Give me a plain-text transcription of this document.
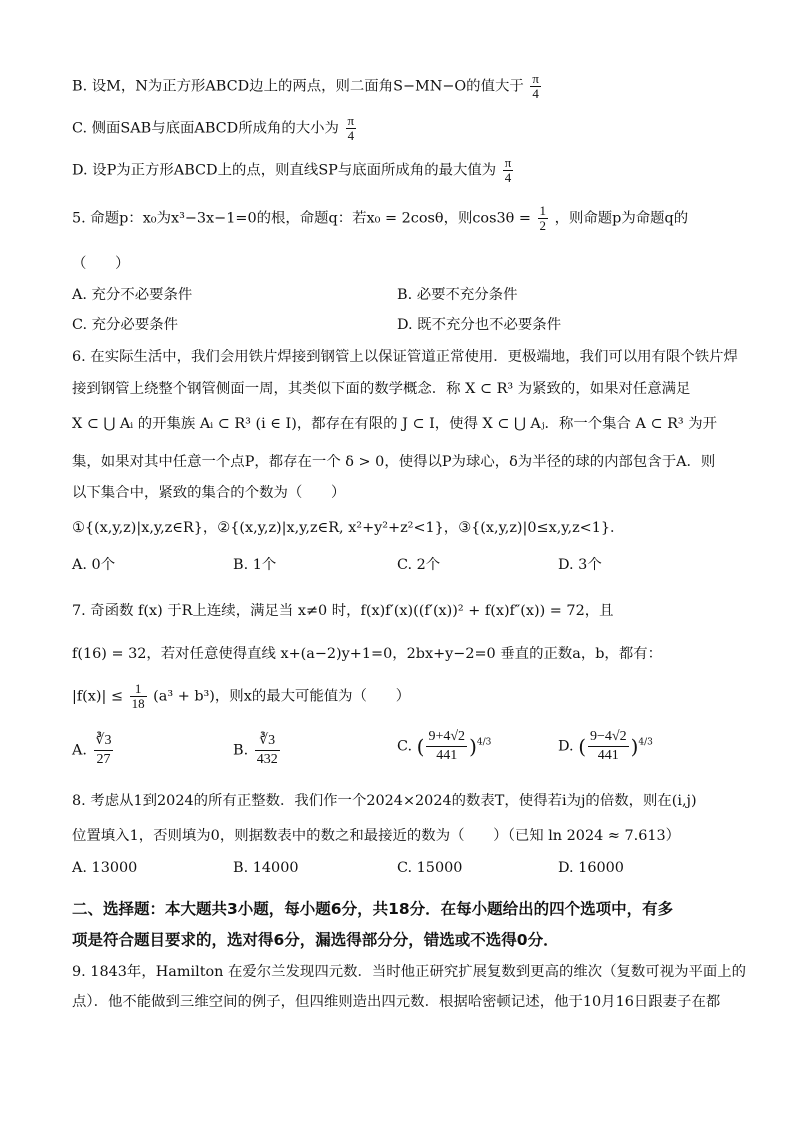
B. 设M，N为正方形ABCD边上的两点，则二面角S−MN−O的值大于 $\frac{\pi}{4}$
C. 侧面SAB与底面ABCD所成角的大小为 $\frac{\pi}{4}$
D. 设P为正方形ABCD上的点，则直线SP与底面所成角的最大值为 $\frac{\pi}{4}$
5. 命题p：x₀为x³−3x−1=0的根，命题q：若x₀ = 2cosθ，则$\cos 3\theta = \frac{1}{2}$ ，则命题p为命题q的
（　　）
A. 充分不必要条件	B. 必要不充分条件
C. 充分必要条件	D. 既不充分也不必要条件
6. 在实际生活中，我们会用铁片焊接到钢管上以保证管道正常使用．更极端地，我们可以用有限个铁片焊
接到钢管上绕整个钢管侧面一周，其类似下面的数学概念．称 X ⊂ R³ 为紧致的，如果对任意满足
X ⊂ ⋃ Aᵢ 的开集族 Aᵢ ⊂ R³ (i ∈ I)，都存在有限的 J ⊂ I，使得 X ⊂ ⋃ Aⱼ．称一个集合 A ⊂ R³ 为开
集，如果对其中任意一个点P，都存在一个 δ > 0，使得以P为球心，δ为半径的球的内部包含于A．则
以下集合中，紧致的集合的个数为（　　）
①{(x,y,z)|x,y,z∈R}，②{(x,y,z)|x,y,z∈R, x²+y²+z²<1}，③{(x,y,z)|0≤x,y,z<1}．
A. 0个	B. 1个	C. 2个	D. 3个
7. 奇函数 f(x) 于R上连续，满足当 x≠0 时，f(x)f′(x)((f′(x))² + f(x)f″(x)) = 72，且
f(16) = 32，若对任意使得直线 x+(a−2)y+1=0，2bx+y−2=0 垂直的正数a，b，都有：
$|f(x)| \le \frac{1}{18} (a^3 + b^3)$，则x的最大可能值为（　　）
A. $\frac{∛3}{27}$	B. $\frac{∛3}{432}$	C. ( $\frac{9+4√2}{441} )^{4/3}$	D. ( $\frac{9-4√2}{441} )^{4/3}$
8. 考虑从1到2024的所有正整数．我们作一个2024×2024的数表T，使得若i为j的倍数，则在(i,j)
位置填入1，否则填为0，则据数表中的数之和最接近的数为（　　）（已知 ln 2024 ≈ 7.613）
A. 13000	B. 14000	C. 15000	D. 16000
二、选择题：本大题共3小题，每小题6分，共18分．在每小题给出的四个选项中，有多
项是符合题目要求的，选对得6分，漏选得部分分，错选或不选得0分．
9. 1843年，Hamilton 在爱尔兰发现四元数．当时他正研究扩展复数到更高的维次（复数可视为平面上的
点）．他不能做到三维空间的例子，但四维则造出四元数．根据哈密顿记述，他于10月16日跟妻子在都
